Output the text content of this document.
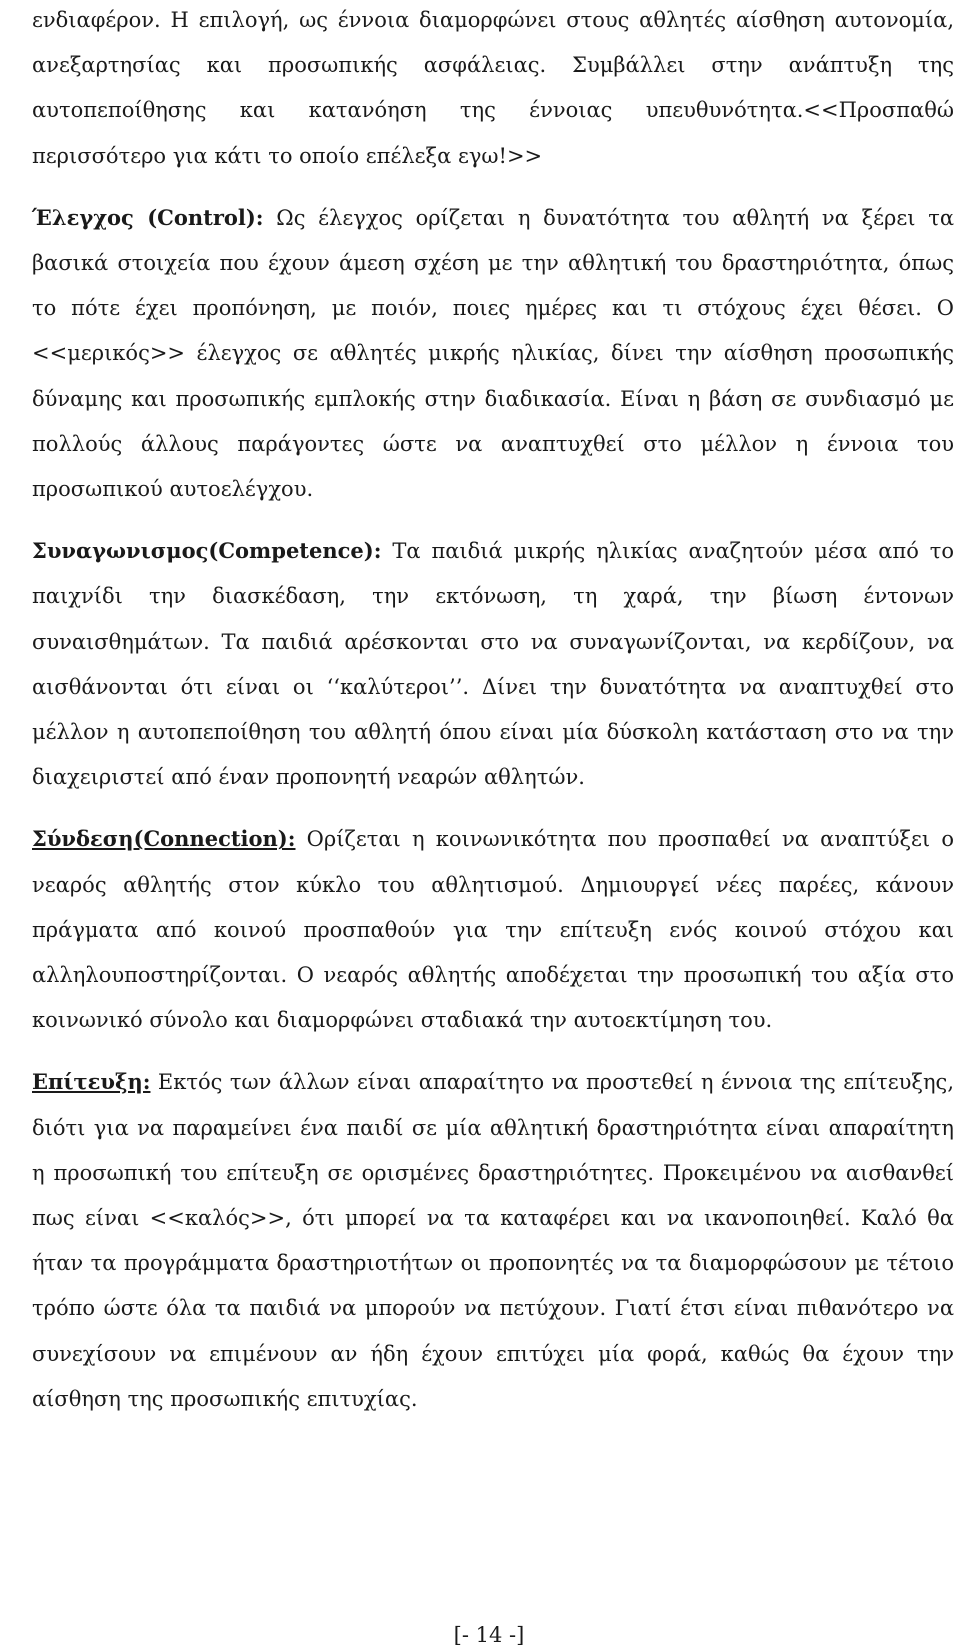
ενδιαφέρον. Η επιλογή, ως έννοια διαμορφώνει στους αθλητές αίσθηση αυτονομία, ανεξαρτησίας και προσωπικής ασφάλειας. Συμβάλλει στην ανάπτυξη της αυτοπεποίθησης και κατανόηση της έννοιας υπευθυνότητα.<<Προσπαθώ περισσότερο για κάτι το οποίο επέλεξα εγω!>>

Έλεγχος (Control): Ως έλεγχος ορίζεται η δυνατότητα του αθλητή να ξέρει τα βασικά στοιχεία που έχουν άμεση σχέση με την αθλητική του δραστηριότητα, όπως το πότε έχει προπόνηση, με ποιόν, ποιες ημέρες και τι στόχους έχει θέσει. Ο <<μερικός>> έλεγχος σε αθλητές μικρής ηλικίας, δίνει την αίσθηση προσωπικής δύναμης και προσωπικής εμπλοκής στην διαδικασία. Είναι η βάση σε συνδιασμό με πολλούς άλλους παράγοντες ώστε να αναπτυχθεί στο μέλλον η έννοια του προσωπικού αυτοελέγχου.

Συναγωνισμος(Competence): Τα παιδιά μικρής ηλικίας αναζητούν μέσα από το παιχνίδι την διασκέδαση, την εκτόνωση, τη χαρά, την βίωση έντονων συναισθημάτων. Τα παιδιά αρέσκονται στο να συναγωνίζονται, να κερδίζουν, να αισθάνονται ότι είναι οι ‘‘καλύτεροι’’. Δίνει την δυνατότητα να αναπτυχθεί στο μέλλον η αυτοπεποίθηση του αθλητή όπου είναι μία δύσκολη κατάσταση στο να την διαχειριστεί από έναν προπονητή νεαρών αθλητών.

Σύνδεση(Connection): Ορίζεται η κοινωνικότητα που προσπαθεί να αναπτύξει ο νεαρός αθλητής στον κύκλο του αθλητισμού. Δημιουργεί νέες παρέες, κάνουν πράγματα από κοινού προσπαθούν για την επίτευξη ενός κοινού στόχου και αλληλουποστηρίζονται. Ο νεαρός αθλητής αποδέχεται την προσωπική του αξία στο κοινωνικό σύνολο και διαμορφώνει σταδιακά την αυτοεκτίμηση του.

Επίτευξη: Εκτός των άλλων είναι απαραίτητο να προστεθεί η έννοια της επίτευξης, διότι για να παραμείνει ένα παιδί σε μία αθλητική δραστηριότητα είναι απαραίτητη η προσωπική του επίτευξη σε ορισμένες δραστηριότητες. Προκειμένου να αισθανθεί πως είναι <<καλός>>, ότι μπορεί να τα καταφέρει και να ικανοποιηθεί. Καλό θα ήταν τα προγράμματα δραστηριοτήτων οι προπονητές να τα διαμορφώσουν με τέτοιο τρόπο ώστε όλα τα παιδιά να μπορούν να πετύχουν. Γιατί έτσι είναι πιθανότερο να συνεχίσουν να επιμένουν αν ήδη έχουν επιτύχει μία φορά, καθώς θα έχουν την αίσθηση της προσωπικής επιτυχίας.

[- 14 -]
